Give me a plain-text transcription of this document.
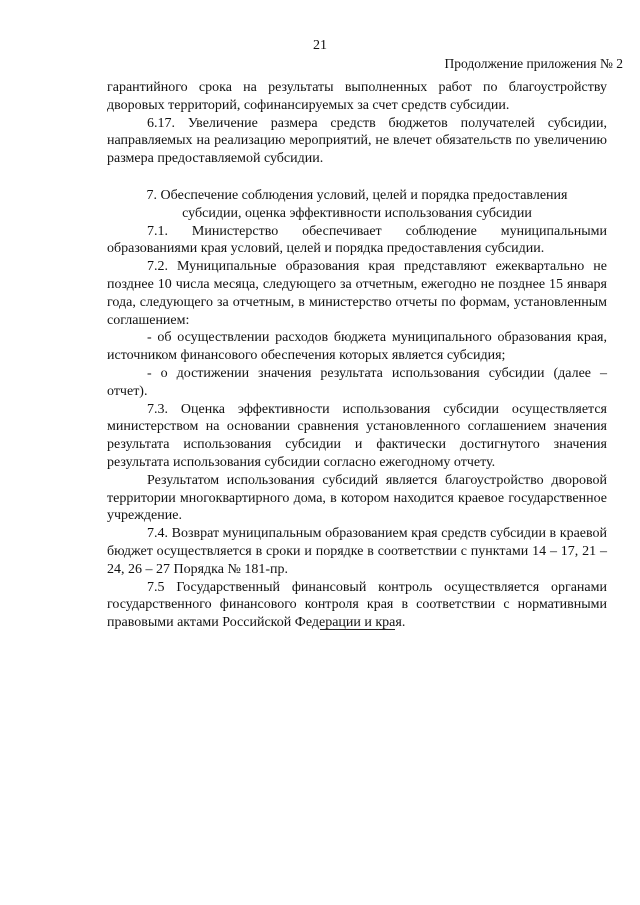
21
Продолжение приложения № 2

гарантийного срока на результаты выполненных работ по благоустройству дворовых территорий, софинансируемых за счет средств субсидии.

6.17. Увеличение размера средств бюджетов получателей субсидии, направляемых на реализацию мероприятий, не влечет обязательств по увеличению размера предоставляемой субсидии.

7. Обеспечение соблюдения условий, целей и порядка предоставления
субсидии, оценка эффективности использования субсидии

7.1. Министерство обеспечивает соблюдение муниципальными образованиями края условий, целей и порядка предоставления субсидии.

7.2. Муниципальные образования края представляют ежеквартально не позднее 10 числа месяца, следующего за отчетным, ежегодно не позднее 15 января года, следующего за отчетным, в министерство отчеты по формам, установленным соглашением:

- об осуществлении расходов бюджета муниципального образования края, источником финансового обеспечения которых является субсидия;

- о достижении значения результата использования субсидии (далее – отчет).

7.3. Оценка эффективности использования субсидии осуществляется министерством на основании сравнения установленного соглашением значения результата использования субсидии и фактически достигнутого значения результата использования субсидии согласно ежегодному отчету.

Результатом использования субсидий является благоустройство дворовой территории многоквартирного дома, в котором находится краевое государственное учреждение.

7.4. Возврат муниципальным образованием края средств субсидии в краевой бюджет осуществляется в сроки и порядке в соответствии с пунктами 14 – 17, 21 – 24, 26 – 27 Порядка № 181-пр.

7.5 Государственный финансовый контроль осуществляется органами государственного финансового контроля края в соответствии с нормативными правовыми актами Российской Федерации и края.
